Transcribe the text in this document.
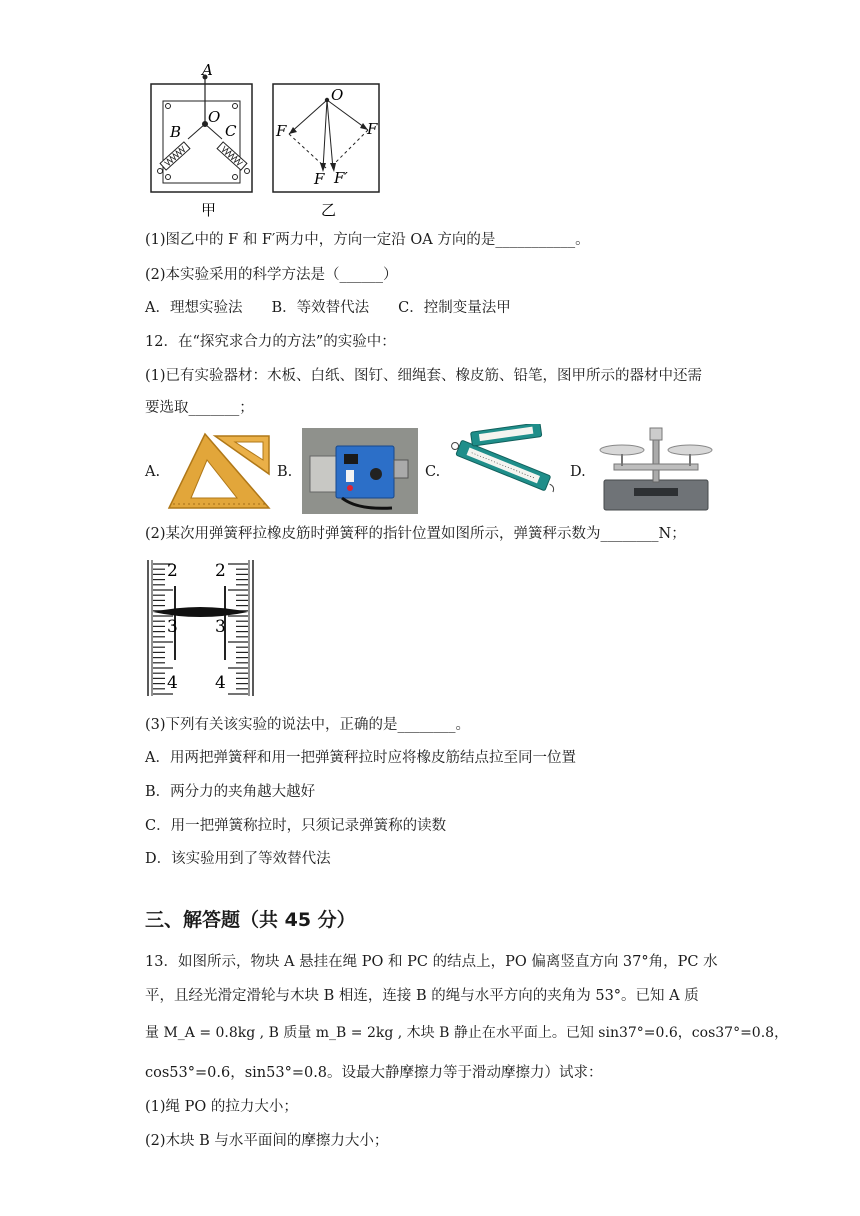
A
O
B	C
O
F	F
F F′
甲	乙
(1)图乙中的 F 和 F′两力中，方向一定沿 OA 方向的是___________。
(2)本实验采用的科学方法是（______）
A．理想实验法　　B．等效替代法　　C．控制变量法甲
12．在“探究求合力的方法”的实验中：
(1)已有实验器材：木板、白纸、图钉、细绳套、橡皮筋、铅笔，图甲所示的器材中还需
要选取_______；
A.	B.	C.	D.
(2)某次用弹簧秤拉橡皮筋时弹簧秤的指针位置如图所示，弹簧秤示数为________N；
2 2
3 3
4 4
(3)下列有关该实验的说法中，正确的是________。
A．用两把弹簧秤和用一把弹簧秤拉时应将橡皮筋结点拉至同一位置
B．两分力的夹角越大越好
C．用一把弹簧称拉时，只须记录弹簧称的读数
D．该实验用到了等效替代法
三、解答题（共 45 分）
13．如图所示，物块 A 悬挂在绳 PO 和 PC 的结点上，PO 偏离竖直方向 37°角，PC 水
平，且经光滑定滑轮与木块 B 相连，连接 B 的绳与水平方向的夹角为 53°。已知 A 质
量 M_A = 0.8kg , B 质量 m_B = 2kg , 木块 B 静止在水平面上。已知 sin37°=0.6，cos37°=0.8，
cos53°=0.6，sin53°=0.8。设最大静摩擦力等于滑动摩擦力）试求：
(1)绳 PO 的拉力大小；
(2)木块 B 与水平面间的摩擦力大小；
